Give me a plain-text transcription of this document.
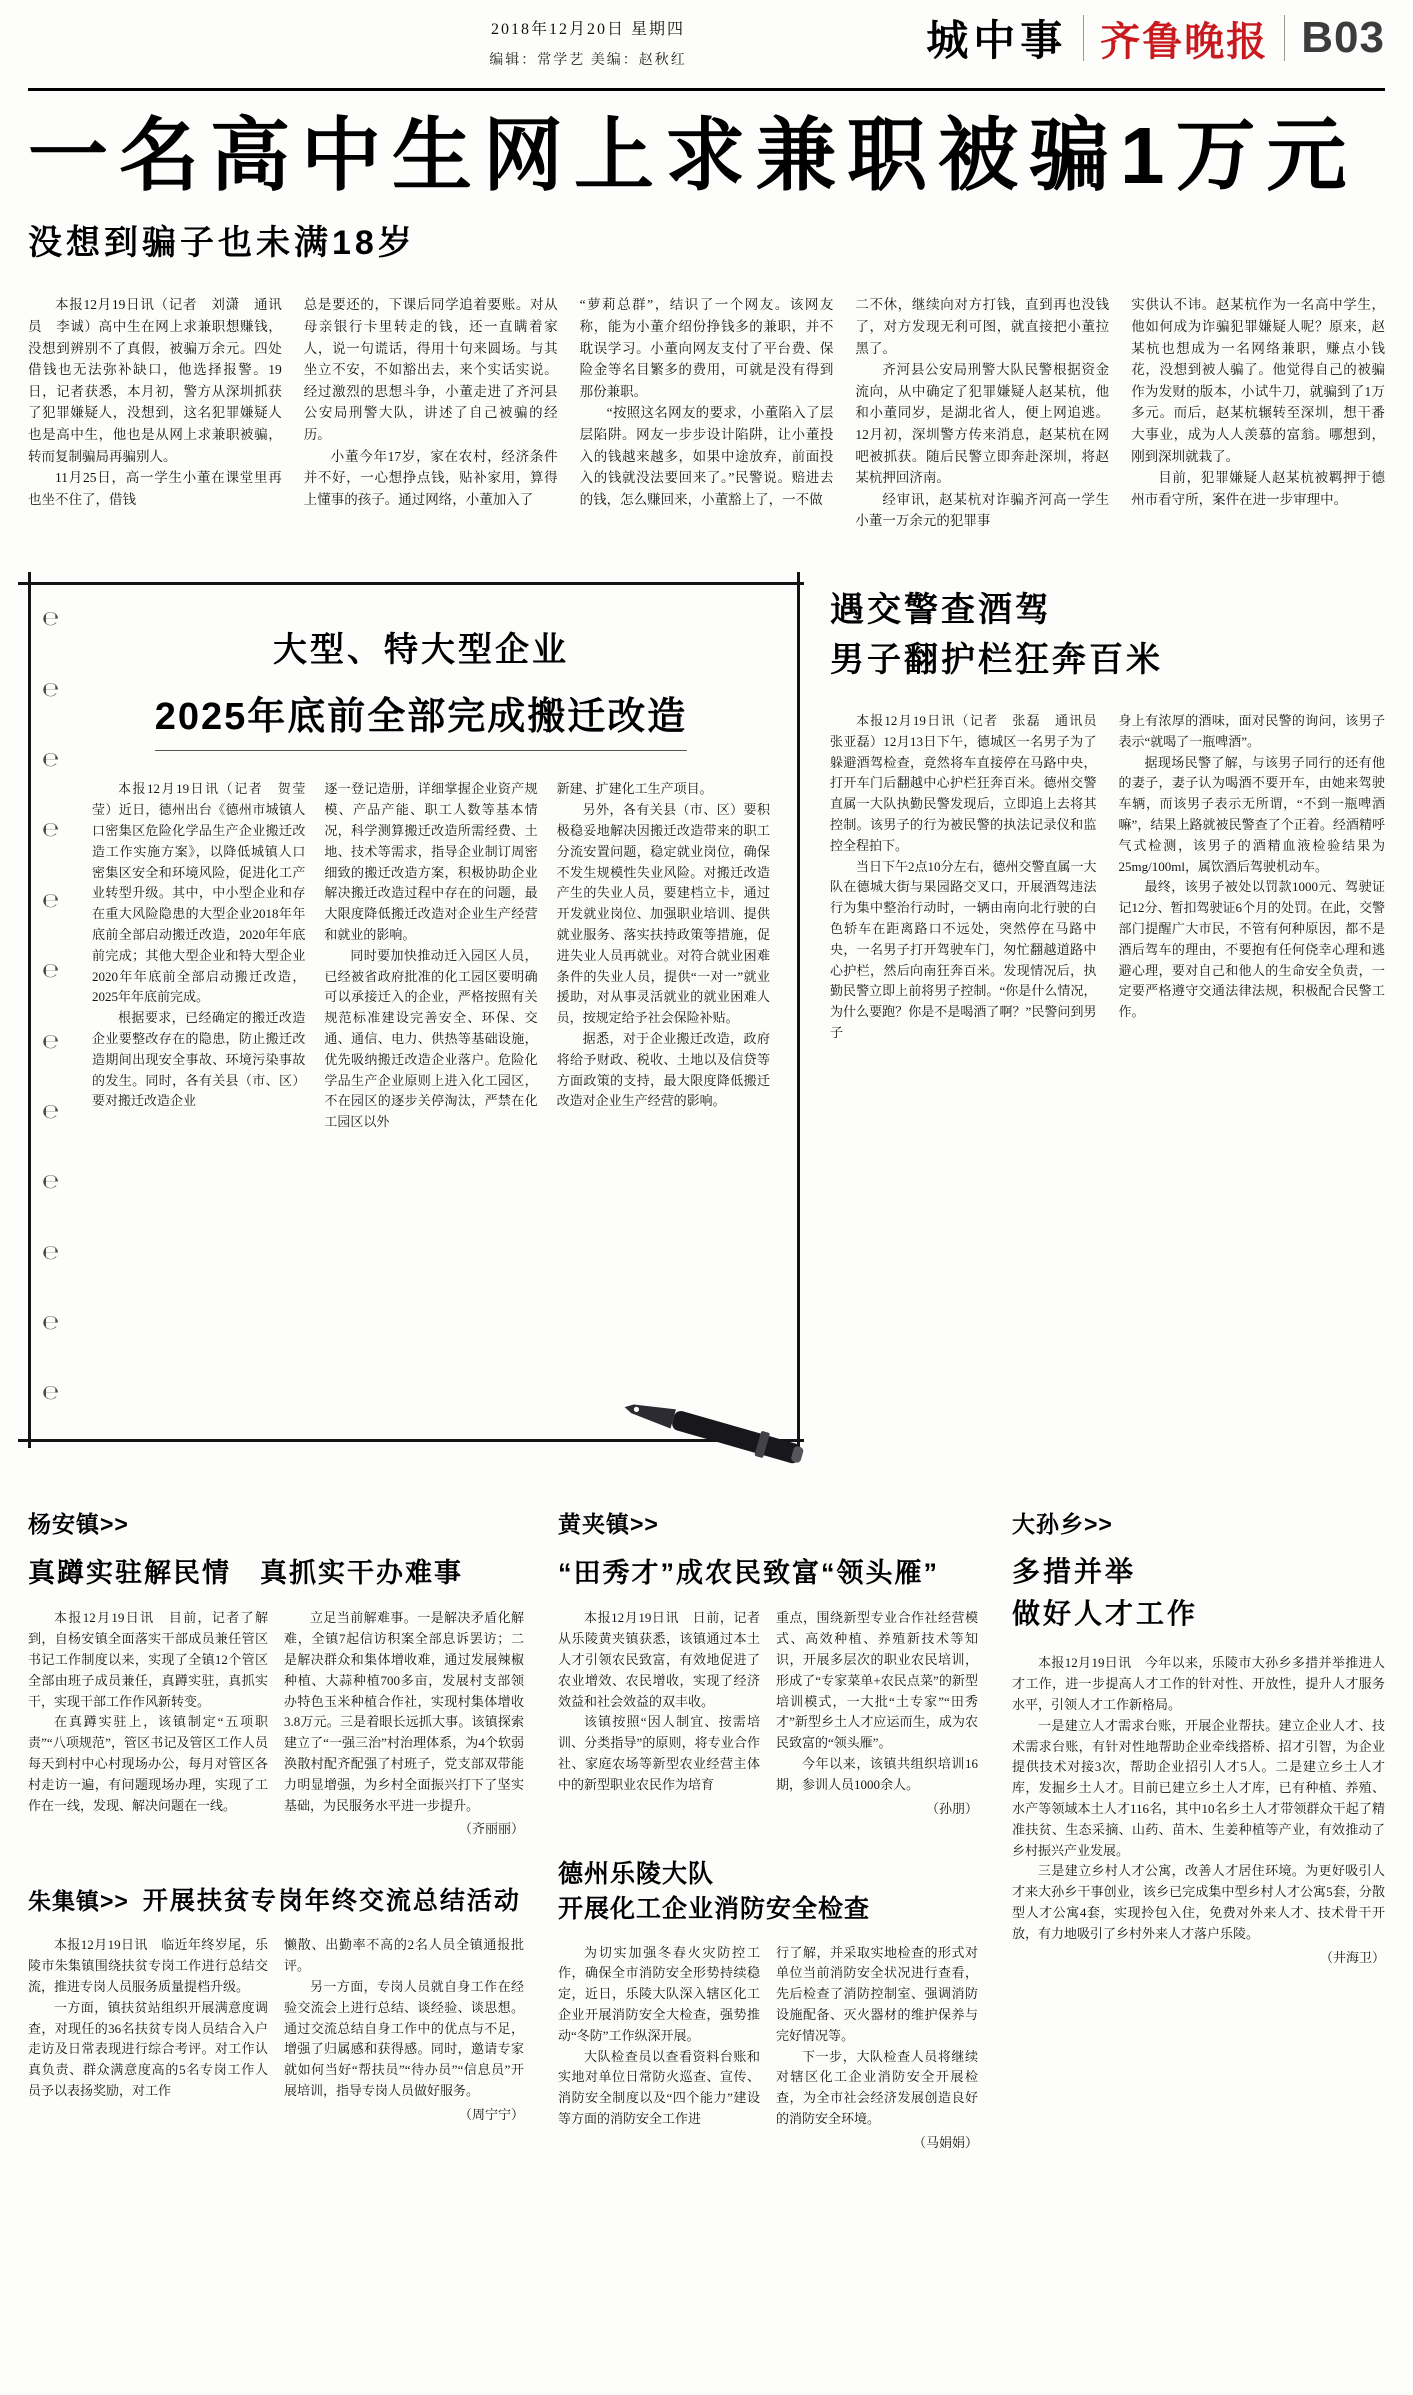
2018年12月20日 星期四
编辑：常学艺 美编：赵秋红	城中事 齐鲁晚报 B03
一名高中生网上求兼职被骗1万元
没想到骗子也未满18岁

本报12月19日讯（记者　刘潇　通讯员　李诚）高中生在网上求兼职想赚钱，没想到辨别不了真假，被骗万余元。四处借钱也无法弥补缺口，他选择报警。19日，记者获悉，本月初，警方从深圳抓获了犯罪嫌疑人，没想到，这名犯罪嫌疑人也是高中生，他也是从网上求兼职被骗，转而复制骗局再骗别人。

11月25日，高一学生小董在课堂里再也坐不住了，借钱

总是要还的，下课后同学追着要账。对从母亲银行卡里转走的钱，还一直瞒着家人，说一句谎话，得用十句来圆场。与其坐立不安，不如豁出去，来个实话实说。经过激烈的思想斗争，小董走进了齐河县公安局刑警大队，讲述了自己被骗的经历。

小董今年17岁，家在农村，经济条件并不好，一心想挣点钱，贴补家用，算得上懂事的孩子。通过网络，小董加入了

“萝莉总群”，结识了一个网友。该网友称，能为小董介绍份挣钱多的兼职，并不耽误学习。小董向网友支付了平台费、保险金等名目繁多的费用，可就是没有得到那份兼职。

“按照这名网友的要求，小董陷入了层层陷阱。网友一步步设计陷阱，让小董投入的钱越来越多，如果中途放弃，前面投入的钱就没法要回来了。”民警说。赔进去的钱，怎么赚回来，小董豁上了，一不做

二不休，继续向对方打钱，直到再也没钱了，对方发现无利可图，就直接把小董拉黑了。

齐河县公安局刑警大队民警根据资金流向，从中确定了犯罪嫌疑人赵某杭，他和小董同岁，是湖北省人，便上网追逃。12月初，深圳警方传来消息，赵某杭在网吧被抓获。随后民警立即奔赴深圳，将赵某杭押回济南。

经审讯，赵某杭对诈骗齐河高一学生小董一万余元的犯罪事

实供认不讳。赵某杭作为一名高中学生，他如何成为诈骗犯罪嫌疑人呢？原来，赵某杭也想成为一名网络兼职，赚点小钱花，没想到被人骗了。他觉得自己的被骗作为发财的版本，小试牛刀，就骗到了1万多元。而后，赵某杭辗转至深圳，想干番大事业，成为人人羡慕的富翁。哪想到，刚到深圳就栽了。

目前，犯罪嫌疑人赵某杭被羁押于德州市看守所，案件在进一步审理中。

℮
℮
℮
℮
℮
℮
℮
℮
℮
℮
℮
℮
大型、特大型企业
2025年底前全部完成搬迁改造

本报12月19日讯（记者　贺莹莹）近日，德州出台《德州市城镇人口密集区危险化学品生产企业搬迁改造工作实施方案》，以降低城镇人口密集区安全和环境风险，促进化工产业转型升级。其中，中小型企业和存在重大风险隐患的大型企业2018年年底前全部启动搬迁改造，2020年年底前完成；其他大型企业和特大型企业2020年年底前全部启动搬迁改造，2025年年底前完成。

根据要求，已经确定的搬迁改造企业要整改存在的隐患，防止搬迁改造期间出现安全事故、环境污染事故的发生。同时，各有关县（市、区）要对搬迁改造企业

逐一登记造册，详细掌握企业资产规模、产品产能、职工人数等基本情况，科学测算搬迁改造所需经费、土地、技术等需求，指导企业制订周密细致的搬迁改造方案，积极协助企业解决搬迁改造过程中存在的问题，最大限度降低搬迁改造对企业生产经营和就业的影响。

同时要加快推动迁入园区人员，已经被省政府批准的化工园区要明确可以承接迁入的企业，严格按照有关规范标准建设完善安全、环保、交通、通信、电力、供热等基础设施，优先吸纳搬迁改造企业落户。危险化学品生产企业原则上进入化工园区，不在园区的逐步关停淘汰，严禁在化工园区以外

新建、扩建化工生产项目。

另外，各有关县（市、区）要积极稳妥地解决因搬迁改造带来的职工分流安置问题，稳定就业岗位，确保不发生规模性失业风险。对搬迁改造产生的失业人员，要建档立卡，通过开发就业岗位、加强职业培训、提供就业服务、落实扶持政策等措施，促进失业人员再就业。对符合就业困难条件的失业人员，提供“一对一”就业援助，对从事灵活就业的就业困难人员，按规定给予社会保险补贴。

据悉，对于企业搬迁改造，政府将给予财政、税收、土地以及信贷等方面政策的支持，最大限度降低搬迁改造对企业生产经营的影响。

遇交警查酒驾
男子翻护栏狂奔百米

本报12月19日讯（记者　张磊　通讯员　张亚磊）12月13日下午，德城区一名男子为了躲避酒驾检查，竟然将车直接停在马路中央，打开车门后翻越中心护栏狂奔百米。德州交警直属一大队执勤民警发现后，立即追上去将其控制。该男子的行为被民警的执法记录仪和监控全程拍下。

当日下午2点10分左右，德州交警直属一大队在德城大街与果园路交叉口，开展酒驾违法行为集中整治行动时，一辆由南向北行驶的白色轿车在距离路口不远处，突然停在马路中央，一名男子打开驾驶车门，匆忙翻越道路中心护栏，然后向南狂奔百米。发现情况后，执勤民警立即上前将男子控制。“你是什么情况，为什么要跑？你是不是喝酒了啊？”民警问到男子

身上有浓厚的酒味，面对民警的询问，该男子表示“就喝了一瓶啤酒”。

据现场民警了解，与该男子同行的还有他的妻子，妻子认为喝酒不要开车，由她来驾驶车辆，而该男子表示无所谓，“不到一瓶啤酒嘛”，结果上路就被民警查了个正着。经酒精呼气式检测，该男子的酒精血液检验结果为25mg/100ml，属饮酒后驾驶机动车。

最终，该男子被处以罚款1000元、驾驶证记12分、暂扣驾驶证6个月的处罚。在此，交警部门提醒广大市民，不管有何种原因，都不是酒后驾车的理由，不要抱有任何侥幸心理和逃避心理，要对自己和他人的生命安全负责，一定要严格遵守交通法律法规，积极配合民警工作。

杨安镇>>
真蹲实驻解民情　真抓实干办难事

本报12月19日讯　目前，记者了解到，自杨安镇全面落实干部成员兼任管区书记工作制度以来，实现了全镇12个管区全部由班子成员兼任，真蹲实驻，真抓实干，实现干部工作作风新转变。

在真蹲实驻上，该镇制定“五项职责”“八项规范”，管区书记及管区工作人员每天到村中心村现场办公，每月对管区各村走访一遍，有问题现场办理，实现了工作在一线，发现、解决问题在一线。

立足当前解难事。一是解决矛盾化解难，全镇7起信访积案全部息诉罢访；二是解决群众和集体增收难，通过发展辣椒种植、大蒜种植700多亩，发展村支部领办特色玉米种植合作社，实现村集体增收3.8万元。三是着眼长远抓大事。该镇探索建立了“一强三治”村治理体系，为4个软弱涣散村配齐配强了村班子，党支部双带能力明显增强，为乡村全面振兴打下了坚实基础，为民服务水平进一步提升。

（齐丽丽）
朱集镇>> 开展扶贫专岗年终交流总结活动

本报12月19日讯　临近年终岁尾，乐陵市朱集镇围绕扶贫专岗工作进行总结交流，推进专岗人员服务质量提档升级。

一方面，镇扶贫站组织开展满意度调查，对现任的36名扶贫专岗人员结合入户走访及日常表现进行综合考评。对工作认真负责、群众满意度高的5名专岗工作人员予以表扬奖励，对工作

懒散、出勤率不高的2名人员全镇通报批评。

另一方面，专岗人员就自身工作在经验交流会上进行总结、谈经验、谈思想。通过交流总结自身工作中的优点与不足，增强了归属感和获得感。同时，邀请专家就如何当好“帮扶员”“待办员”“信息员”开展培训，指导专岗人员做好服务。

（周宁宁）
黄夹镇>>
“田秀才”成农民致富“领头雁”

本报12月19日讯　日前，记者从乐陵黄夹镇获悉，该镇通过本土人才引领农民致富，有效地促进了农业增效、农民增收，实现了经济效益和社会效益的双丰收。

该镇按照“因人制宜、按需培训、分类指导”的原则，将专业合作社、家庭农场等新型农业经营主体中的新型职业农民作为培育

重点，围绕新型专业合作社经营模式、高效种植、养殖新技术等知识，开展多层次的职业农民培训，形成了“专家菜单+农民点菜”的新型培训模式，一大批“土专家”“田秀才”新型乡土人才应运而生，成为农民致富的“领头雁”。

今年以来，该镇共组织培训16期，参训人员1000余人。

（孙朋）
德州乐陵大队
开展化工企业消防安全检查

为切实加强冬春火灾防控工作，确保全市消防安全形势持续稳定，近日，乐陵大队深入辖区化工企业开展消防安全大检查，强势推动“冬防”工作纵深开展。

大队检查员以查看资料台账和实地对单位日常防火巡查、宣传、消防安全制度以及“四个能力”建设等方面的消防安全工作进

行了解，并采取实地检查的形式对单位当前消防安全状况进行查看，先后检查了消防控制室、强调消防设施配备、灭火器材的维护保养与完好情况等。

下一步，大队检查人员将继续对辖区化工企业消防安全开展检查，为全市社会经济发展创造良好的消防安全环境。

（马娟娟）
大孙乡>>
多措并举
做好人才工作

本报12月19日讯　今年以来，乐陵市大孙乡多措并举推进人才工作，进一步提高人才工作的针对性、开放性，提升人才服务水平，引领人才工作新格局。

一是建立人才需求台账，开展企业帮扶。建立企业人才、技术需求台账，有针对性地帮助企业牵线搭桥、招才引智，为企业提供技术对接3次，帮助企业招引人才5人。二是建立乡土人才库，发掘乡土人才。目前已建立乡土人才库，已有种植、养殖、水产等领域本土人才116名，其中10名乡土人才带领群众干起了精准扶贫、生态采摘、山药、苗木、生姜种植等产业，有效推动了乡村振兴产业发展。

三是建立乡村人才公寓，改善人才居住环境。为更好吸引人才来大孙乡干事创业，该乡已完成集中型乡村人才公寓5套，分散型人才公寓4套，实现拎包入住，免费对外来人才、技术骨干开放，有力地吸引了乡村外来人才落户乐陵。

（井海卫）
